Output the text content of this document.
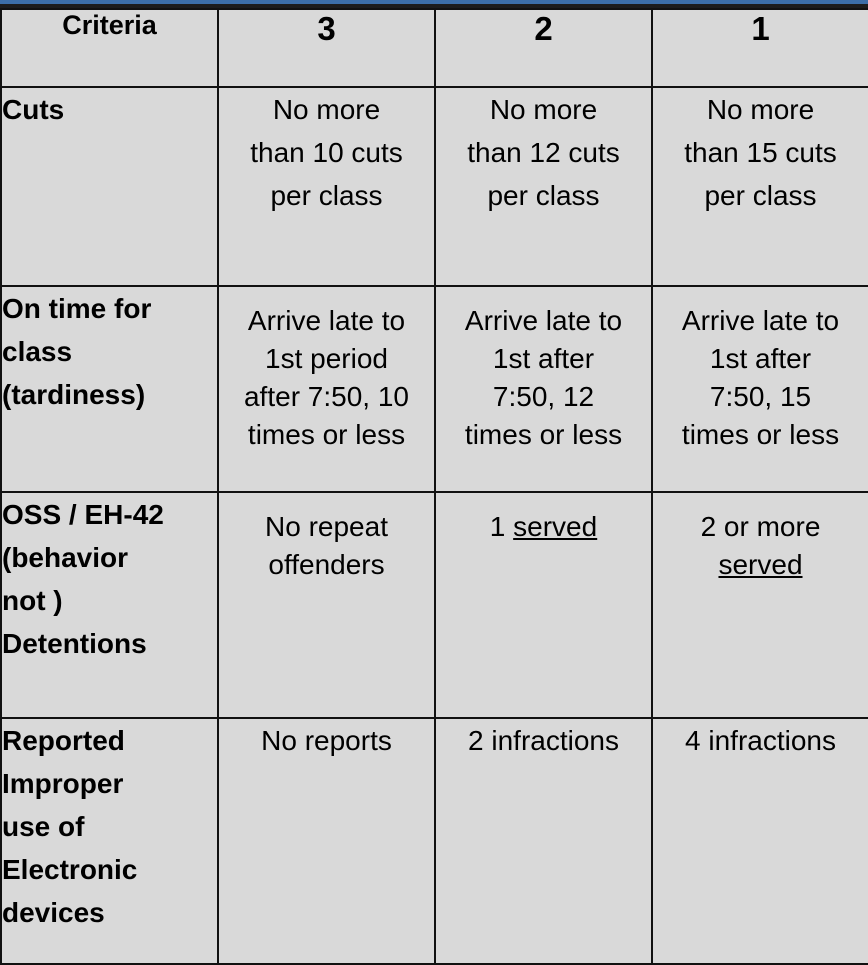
Criteria	3	2	1

Cuts	No more
than 10 cuts
per class	No more
than 12 cuts
per class	No more
than 15 cuts
per class

On time for
class
(tardiness)	Arrive late to
1st period
after 7:50, 10
times or less	Arrive late to
1st after
7:50, 12
times or less	Arrive late to
1st after
7:50, 15
times or less

OSS / EH-42
(behavior
not )
Detentions	No repeat
offenders	1 served	2 or more
served

Reported
Improper
use of
Electronic
devices	No reports	2 infractions	4 infractions
